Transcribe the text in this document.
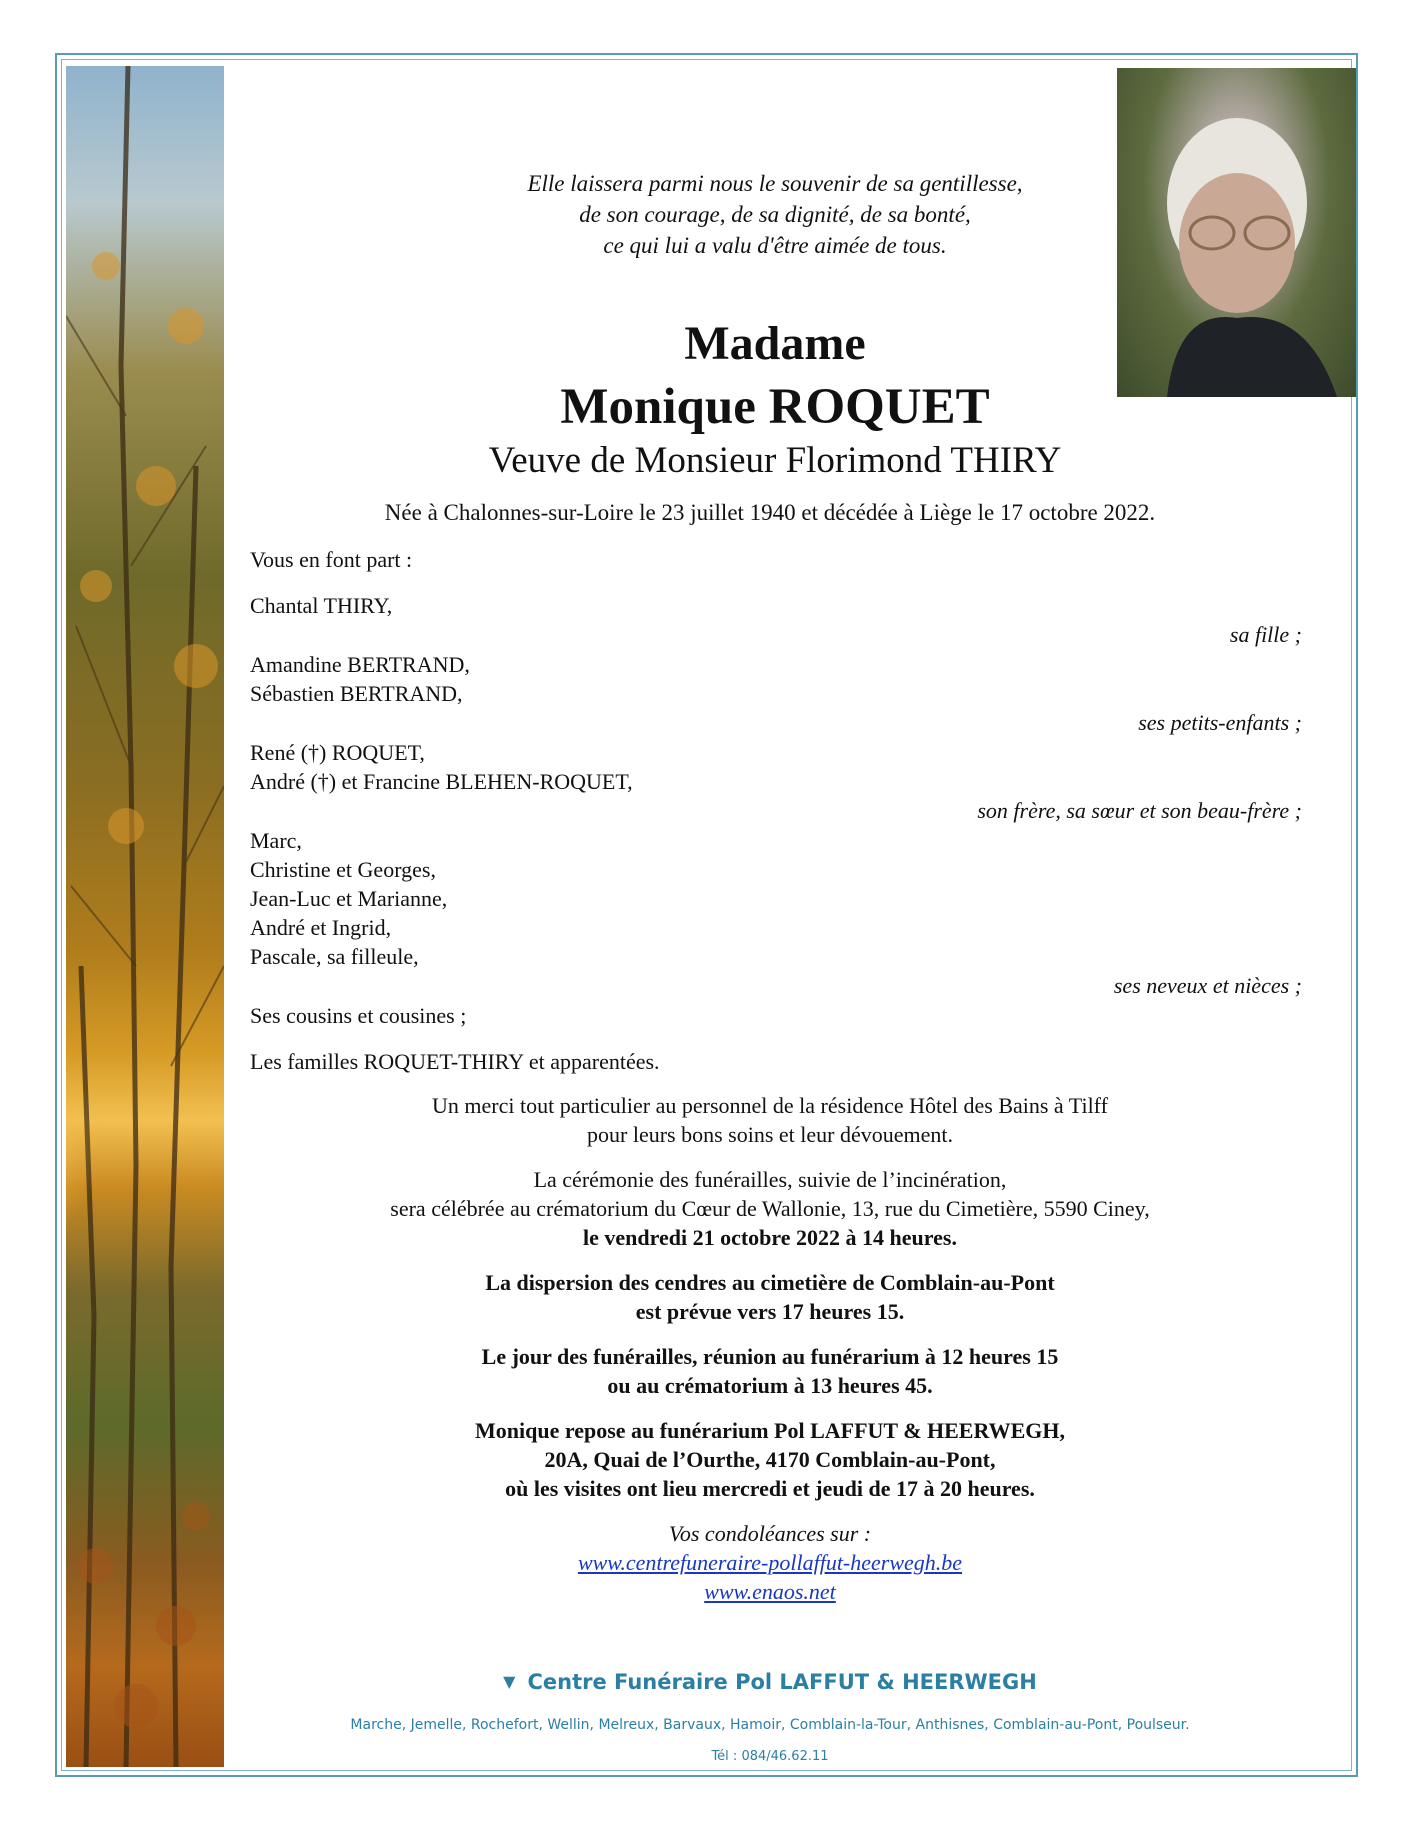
Elle laissera parmi nous le souvenir de sa gentillesse,
de son courage, de sa dignité, de sa bonté,
ce qui lui a valu d'être aimée de tous.
Madame
Monique ROQUET
Veuve de Monsieur Florimond THIRY
Née à Chalonnes-sur-Loire le 23 juillet 1940 et décédée à Liège le 17 octobre 2022.
Vous en font part :
Chantal THIRY,
sa fille ;
Amandine BERTRAND,
Sébastien BERTRAND,
ses petits-enfants ;
René (†) ROQUET,
André (†) et Francine BLEHEN-ROQUET,
son frère, sa sœur et son beau-frère ;
Marc,
Christine et Georges,
Jean-Luc et Marianne,
André et Ingrid,
Pascale, sa filleule,
ses neveux et nièces ;
Ses cousins et cousines ;
Les familles ROQUET-THIRY et apparentées.
Un merci tout particulier au personnel de la résidence Hôtel des Bains à Tilff
pour leurs bons soins et leur dévouement.
La cérémonie des funérailles, suivie de l’incinération,
sera célébrée au crématorium du Cœur de Wallonie, 13, rue du Cimetière, 5590 Ciney,
le vendredi 21 octobre 2022 à 14 heures.
La dispersion des cendres au cimetière de Comblain-au-Pont
est prévue vers 17 heures 15.
Le jour des funérailles, réunion au funérarium à 12 heures 15
ou au crématorium à 13 heures 45.
Monique repose au funérarium Pol LAFFUT & HEERWEGH,
20A, Quai de l’Ourthe, 4170 Comblain-au-Pont,
où les visites ont lieu mercredi et jeudi de 17 à 20 heures.
Vos condoléances sur :
www.centrefuneraire-pollaffut-heerwegh.be
www.enaos.net
▼ Centre Funéraire Pol LAFFUT & HEERWEGH
Marche, Jemelle, Rochefort, Wellin, Melreux, Barvaux, Hamoir, Comblain-la-Tour, Anthisnes, Comblain-au-Pont, Poulseur.
Tél : 084/46.62.11
